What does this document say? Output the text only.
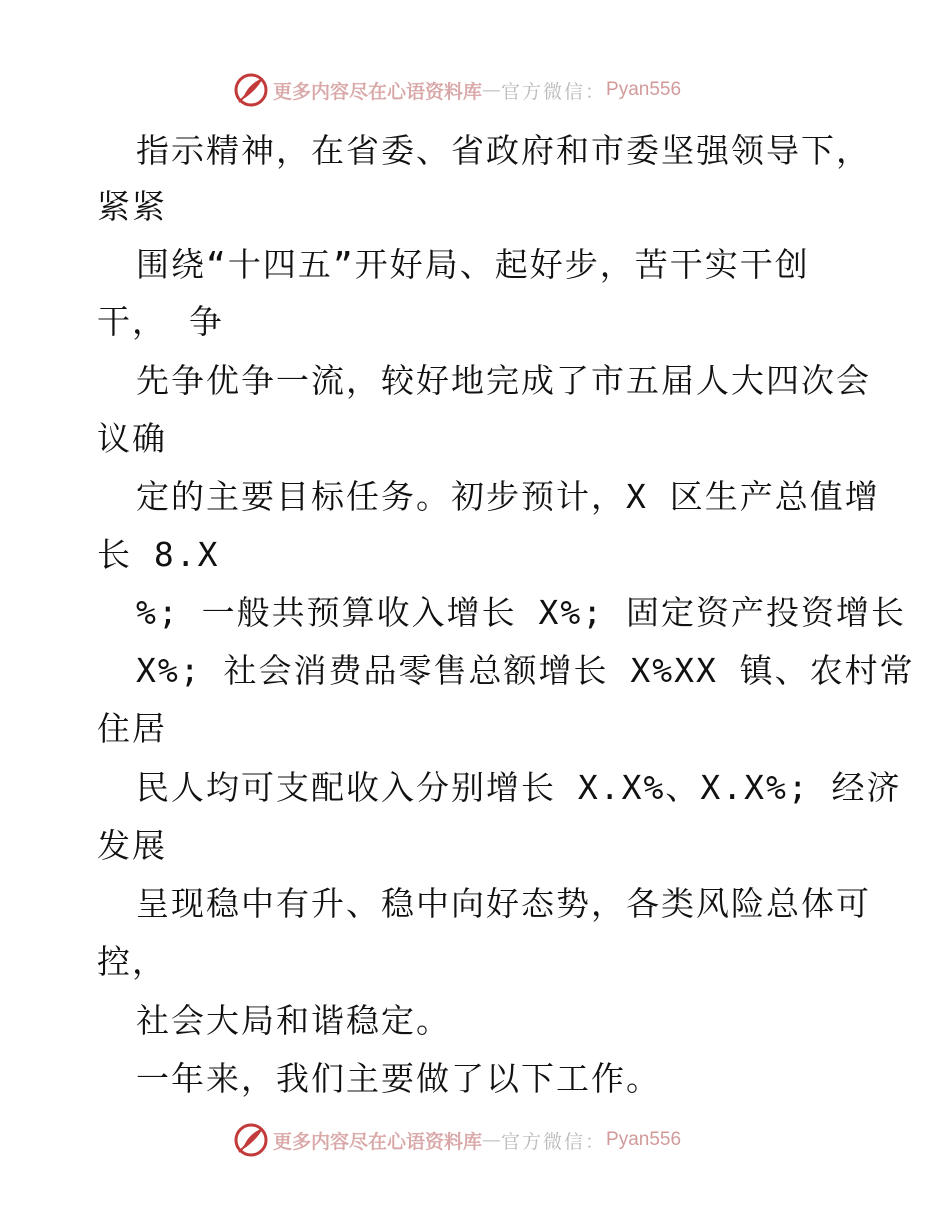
更多内容尽在心语资料库 — 官方微信： Pyan556
指示精神，在省委、省政府和市委坚强领导下，
紧紧
围绕“十四五”开好局、起好步，苦干实干创
干， 争
先争优争一流，较好地完成了市五届人大四次会
议确
定的主要目标任务。初步预计，X 区生产总值增
长 8.X
%; 一般共预算收入增长 X%; 固定资产投资增长
X%; 社会消费品零售总额增长 X%XX 镇、农村常
住居
民人均可支配收入分别增长 X.X%、X.X%; 经济
发展
呈现稳中有升、稳中向好态势，各类风险总体可
控，
社会大局和谐稳定。
一年来，我们主要做了以下工作。
更多内容尽在心语资料库 — 官方微信： Pyan556
